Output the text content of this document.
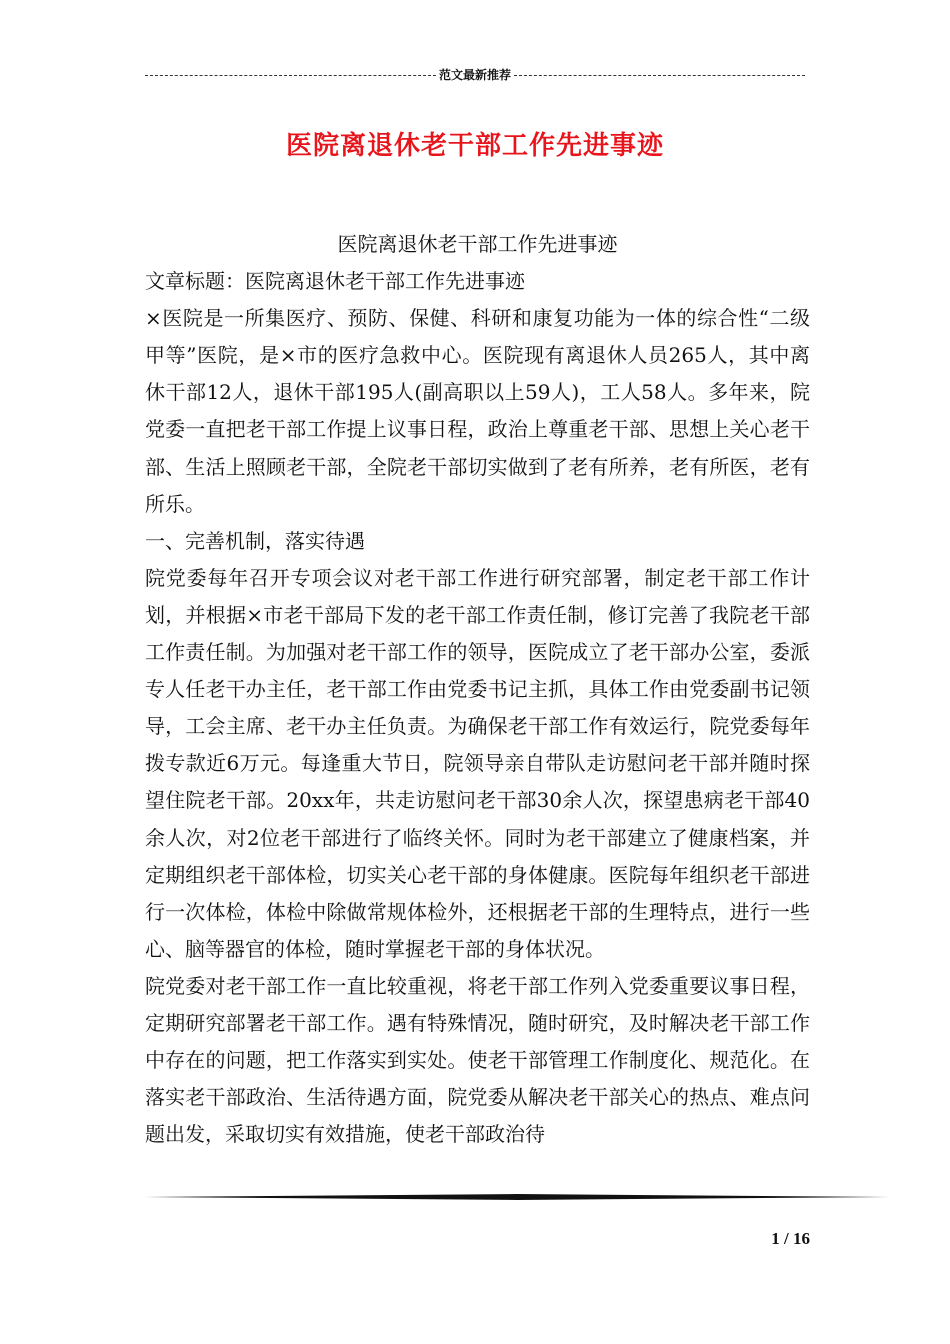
范文最新推荐
医院离退休老干部工作先进事迹

医院离退休老干部工作先进事迹

文章标题：医院离退休老干部工作先进事迹

×医院是一所集医疗、预防、保健、科研和康复功能为一体的综合性“二级甲等”医院，是×市的医疗急救中心。医院现有离退休人员265人，其中离休干部12人，退休干部195人(副高职以上59人)，工人58人。多年来，院党委一直把老干部工作提上议事日程，政治上尊重老干部、思想上关心老干部、生活上照顾老干部，全院老干部切实做到了老有所养，老有所医，老有所乐。

一、完善机制，落实待遇

院党委每年召开专项会议对老干部工作进行研究部署，制定老干部工作计划，并根据×市老干部局下发的老干部工作责任制，修订完善了我院老干部工作责任制。为加强对老干部工作的领导，医院成立了老干部办公室，委派专人任老干办主任，老干部工作由党委书记主抓，具体工作由党委副书记领导，工会主席、老干办主任负责。为确保老干部工作有效运行，院党委每年拨专款近6万元。每逢重大节日，院领导亲自带队走访慰问老干部并随时探望住院老干部。20xx年，共走访慰问老干部30余人次，探望患病老干部40余人次，对2位老干部进行了临终关怀。同时为老干部建立了健康档案，并定期组织老干部体检，切实关心老干部的身体健康。医院每年组织老干部进行一次体检，体检中除做常规体检外，还根据老干部的生理特点，进行一些心、脑等器官的体检，随时掌握老干部的身体状况。

院党委对老干部工作一直比较重视，将老干部工作列入党委重要议事日程，定期研究部署老干部工作。遇有特殊情况，随时研究，及时解决老干部工作中存在的问题，把工作落实到实处。使老干部管理工作制度化、规范化。在落实老干部政治、生活待遇方面，院党委从解决老干部关心的热点、难点问题出发，采取切实有效措施，使老干部政治待

1 / 16
